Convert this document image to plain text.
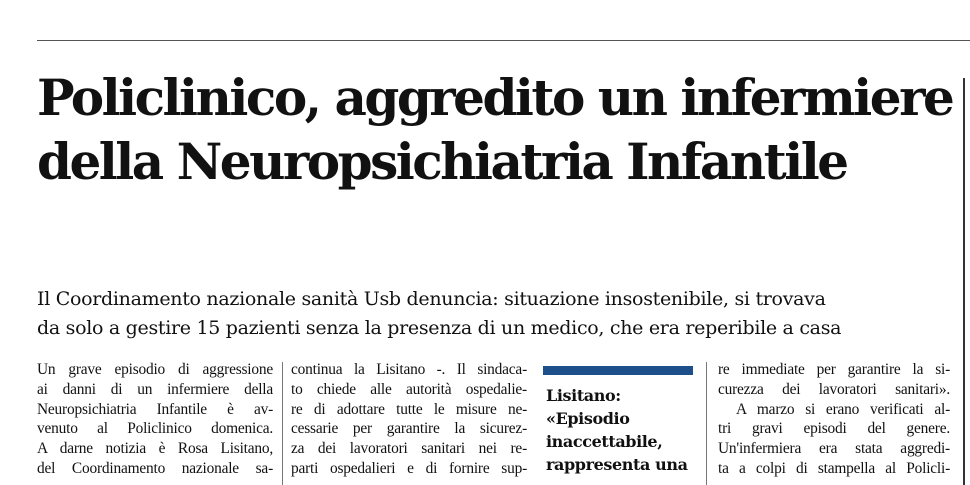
Policlinico, aggredito un infermiere
della Neuropsichiatria Infantile

Il Coordinamento nazionale sanità Usb denuncia: situazione insostenibile, si trovava
da solo a gestire 15 pazienti senza la presenza di un medico, che era reperibile a casa

Un grave episodio di aggressione
ai danni di un infermiere della
Neuropsichiatria Infantile è av-
venuto al Policlinico domenica.
A darne notizia è Rosa Lisitano,
del Coordinamento nazionale sa-
continua la Lisitano -. Il sindaca-
to chiede alle autorità ospedalie-
re di adottare tutte le misure ne-
cessarie per garantire la sicurez-
za dei lavoratori sanitari nei re-
parti ospedalieri e di fornire sup-

Lisitano:
«Episodio
inaccettabile,
rappresenta una

re immediate per garantire la si-
curezza dei lavoratori sanitari».
A marzo si erano verificati al-
tri gravi episodi del genere.
Un'infermiera era stata aggredi-
ta a colpi di stampella al Policli-
